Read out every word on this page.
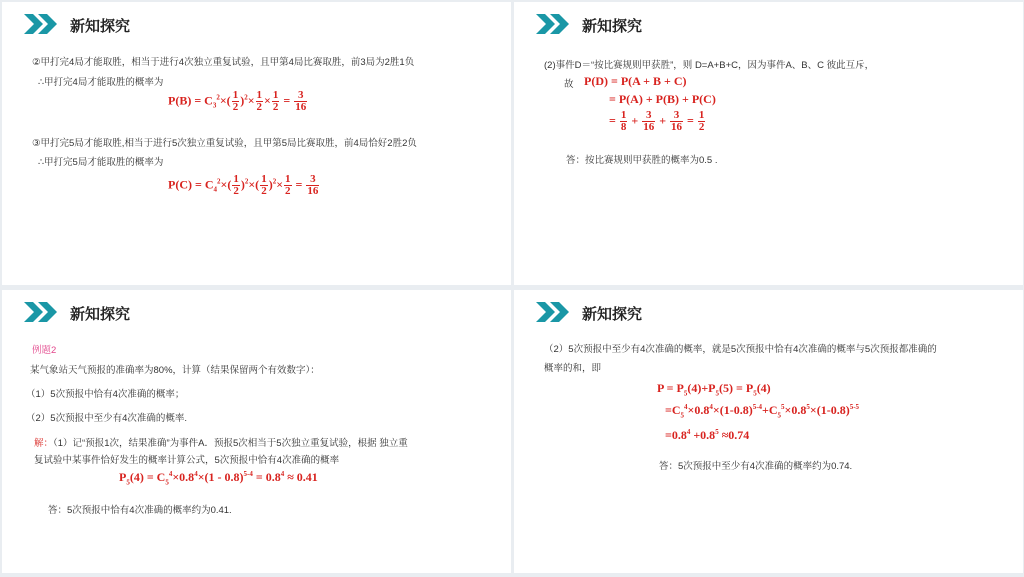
新知探究
②甲打完4局才能取胜，相当于进行4次独立重复试验，且甲第4局比赛取胜，前3局为2胜1负
∴甲打完4局才能取胜的概率为
$P(B) = C_3^2\times( \frac{1}{2} )^2\times \frac{1}{2} \times \frac{1}{2} = \frac{3}{16}$
③甲打完5局才能取胜,相当于进行5次独立重复试验，且甲第5局比赛取胜，前4局恰好2胜2负
∴甲打完5局才能取胜的概率为
$P(C) = C_4^2\times( \frac{1}{2} )^2\times( \frac{1}{2} )^2\times \frac{1}{2} = \frac{3}{16}$
新知探究
(2)事件D＝“按比赛规则甲获胜”，则 D=A+B+C，因为事件A、B、C 彼此互斥，
故 P(D) = P(A + B + C)
= P(A) + P(B) + P(C)
= $\frac{1}{8} + \frac{3}{16} + \frac{3}{16} = \frac{1}{2}$
答：按比赛规则甲获胜的概率为0.5 .
新知探究
例题2
某气象站天气预报的准确率为80%，计算（结果保留两个有效数字）：
（1）5次预报中恰有4次准确的概率；
（2）5次预报中至少有4次准确的概率.
解：（1）记“预报1次，结果准确”为事件A．预报5次相当于5次独立重复试验，根据 独立重
复试验中某事件恰好发生的概率计算公式，5次预报中恰有4次准确的概率
$P_5(4) = C_5^4\times 0.8^4\times(1 - 0.8)^{5-4} = 0.8^4 \approx 0.41$
答：5次预报中恰有4次准确的概率约为0.41.
新知探究
（2）5次预报中至少有4次准确的概率，就是5次预报中恰有4次准确的概率与5次预报都准确的
概率的和，即
$P = P_5(4)+P_5(5) = P_5(4)$
$=C_5^4\times 0.8^4\times(1-0.8)^{5-4}+C_5^5\times 0.8^5\times(1-0.8)^{5-5}$
$=0.8^4 +0.8^5 \approx 0.74$
答：5次预报中至少有4次准确的概率约为0.74.
